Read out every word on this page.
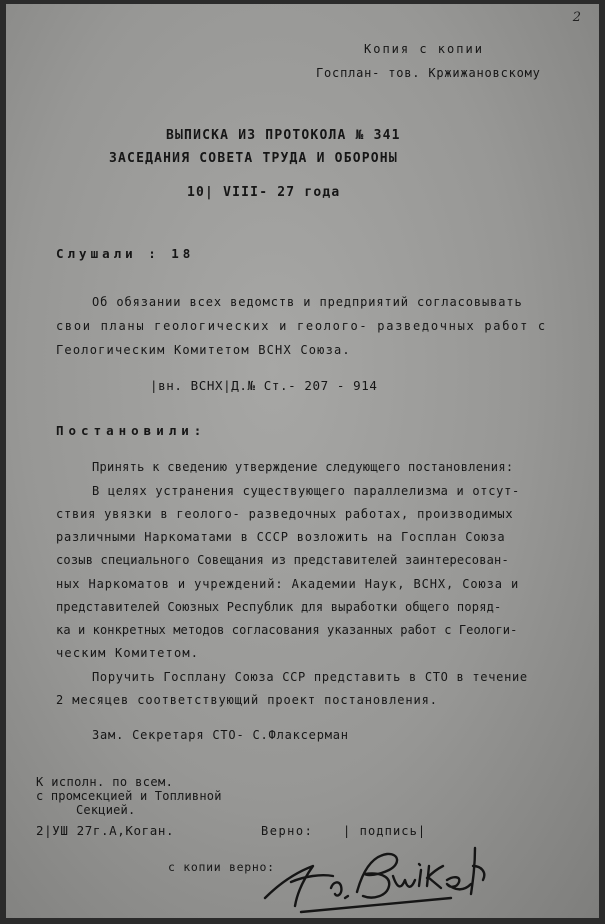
2
Копия с копии
Госплан- тов. Кржижановскому
ВЫПИСКА ИЗ ПРОТОКОЛА № 341
ЗАСЕДАНИЯ СОВЕТА ТРУДА И ОБОРОНЫ
10| VIII- 27 года
Слушали : 18
Об обязании всех ведомств и предприятий согласовывать
свои планы геологических и геолого- разведочных работ с
Геологическим Комитетом ВСНХ Союза.
|вн. ВСНХ|Д.№ Ст.- 207 - 914
Постановили:
Принять к сведению утверждение следующего постановления:
В целях устранения существующего параллелизма и отсут-
ствия увязки в геолого- разведочных работах, производимых
различными Наркоматами в СССР возложить на Госплан Союза
созыв специального Совещания из представителей заинтересован-
ных Наркоматов и учреждений: Академии Наук, ВСНХ, Союза и
представителей Союзных Республик для выработки общего поряд-
ка и конкретных методов согласования указанных работ с Геологи-
ческим Комитетом.
Поручить Госплану Союза ССР представить в СТО в течение
2 месяцев соответствующий проект постановления.
Зам. Секретаря СТО- С.Флаксерман
К исполн. по всем.
с промсекцией и Топливной
Секцией.
2|УШ 27г.А,Коган.	Верно: | подпись|
с копии верно:
